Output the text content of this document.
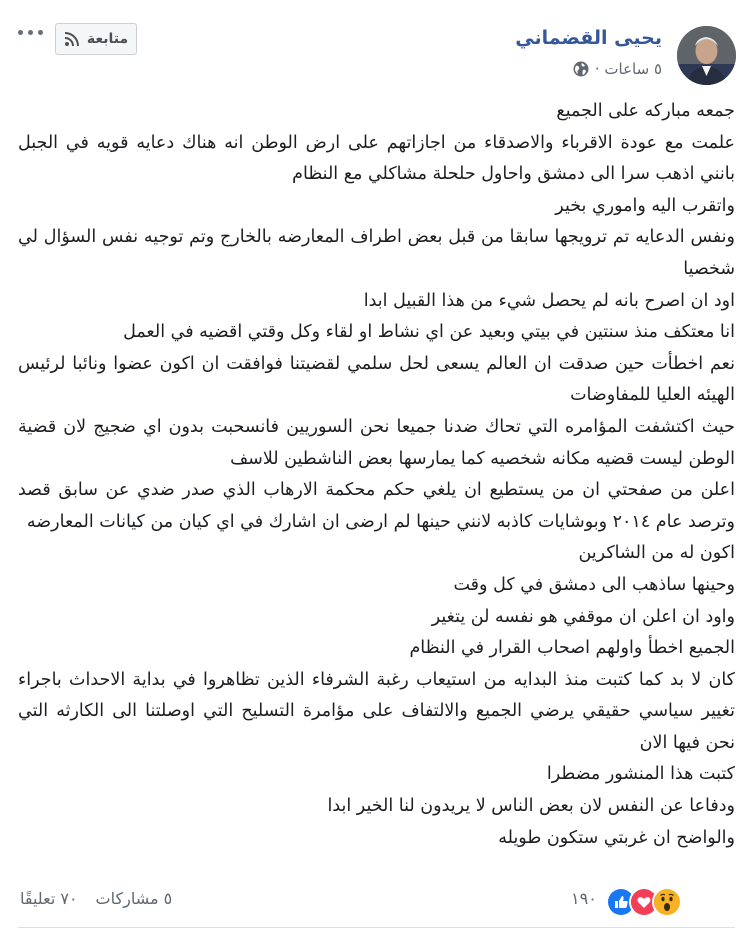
يحيى القضماني
٥ ساعات ·
متابعة

جمعه مباركه على الجميع

علمت مع عودة الاقرباء والاصدقاء من اجازاتهم على ارض الوطن انه هناك دعايه قويه في الجبل بانني اذهب سرا الى دمشق واحاول حلحلة مشاكلي مع النظام

واتقرب اليه واموري بخير

ونفس الدعايه تم ترويجها سابقا من قبل بعض اطراف المعارضه بالخارج وتم توجيه نفس السؤال لي شخصيا

اود ان اصرح بانه لم يحصل شيء من هذا القبيل ابدا

انا معتكف منذ سنتين في بيتي وبعيد عن اي نشاط او لقاء وكل وقتي اقضيه في العمل

نعم اخطأت حين صدقت ان العالم يسعى لحل سلمي لقضيتنا فوافقت ان اكون عضوا ونائبا لرئيس الهيئه العليا للمفاوضات

حيث اكتشفت المؤامره التي تحاك ضدنا جميعا نحن السوريين فانسحبت بدون اي ضجيج لان قضية الوطن ليست قضيه مكانه شخصيه كما يمارسها بعض الناشطين للاسف

اعلن من صفحتي ان من يستطيع ان يلغي حكم محكمة الارهاب الذي صدر ضدي عن سابق قصد وترصد عام ٢٠١٤ وبوشايات كاذبه لانني حينها لم ارضى ان اشارك في اي كيان من كيانات المعارضه

اكون له من الشاكرين

وحينها ساذهب الى دمشق في كل وقت

واود ان اعلن ان موقفي هو نفسه لن يتغير

الجميع اخطأ واولهم اصحاب القرار في النظام

كان لا بد كما كتبت منذ البدايه من استيعاب رغبة الشرفاء الذين تظاهروا في بداية الاحداث باجراء تغيير سياسي حقيقي يرضي الجميع والالتفاف على مؤامرة التسليح التي اوصلتنا الى الكارثه التي نحن فيها الان

كتبت هذا المنشور مضطرا

ودفاعا عن النفس لان بعض الناس لا يريدون لنا الخير ابدا

والواضح ان غربتي ستكون طويله

١٩٠
٥ مشاركات
٧٠ تعليقًا
